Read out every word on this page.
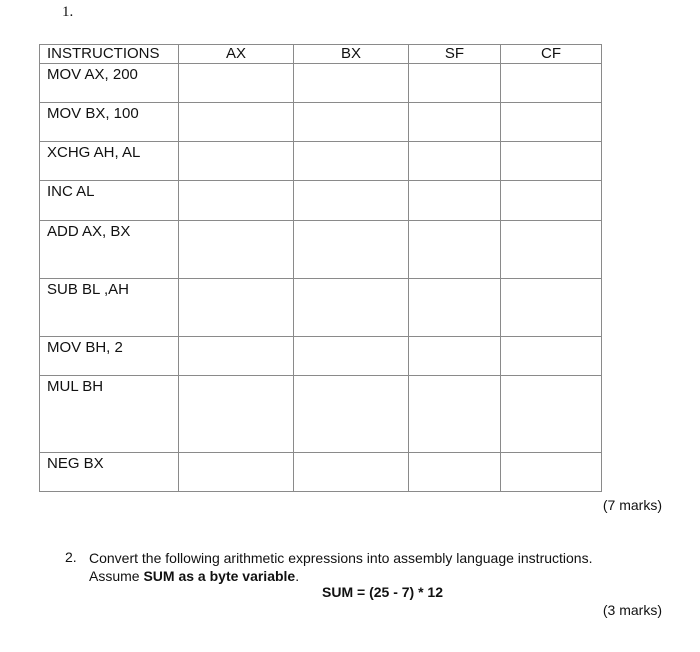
1.
INSTRUCTIONS	AX	BX	SF	CF
MOV AX, 200				
MOV BX, 100				
XCHG AH, AL				
INC AL				
ADD AX, BX				
SUB BL ,AH				
MOV BH, 2				
MUL BH				
NEG BX				
(7 marks)
2. Convert the following arithmetic expressions into assembly language instructions.
Assume SUM as a byte variable.
SUM = (25 - 7) * 12
(3 marks)
